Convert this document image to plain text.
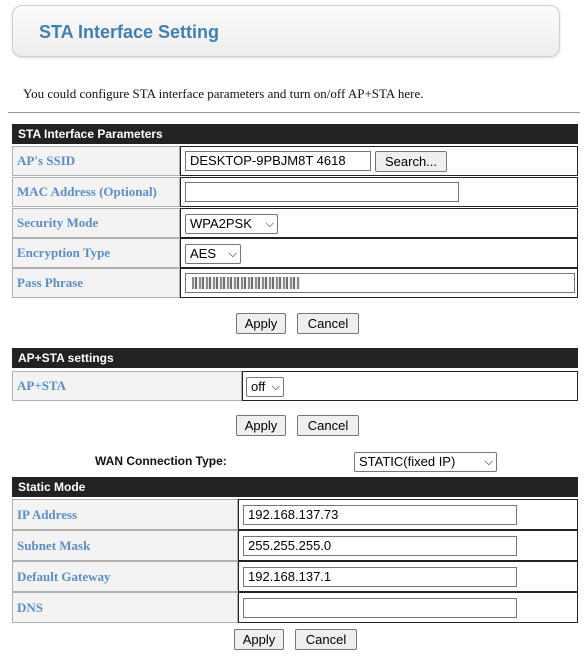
STA Interface Setting
You could configure STA interface parameters and turn on/off AP+STA here.
STA Interface Parameters
AP's SSID	DESKTOP-9PBJM8T 4618	Search...
MAC Address (Optional)
Security Mode	WPA2PSK ⌵
Encryption Type	AES ⌵
Pass Phrase
Apply	Cancel
AP+STA settings
AP+STA	off ⌵
Apply	Cancel
WAN Connection Type:	STATIC(fixed IP)	⌵
Static Mode
IP Address	192.168.137.73
Subnet Mask	255.255.255.0
Default Gateway	192.168.137.1
DNS
Apply	Cancel
